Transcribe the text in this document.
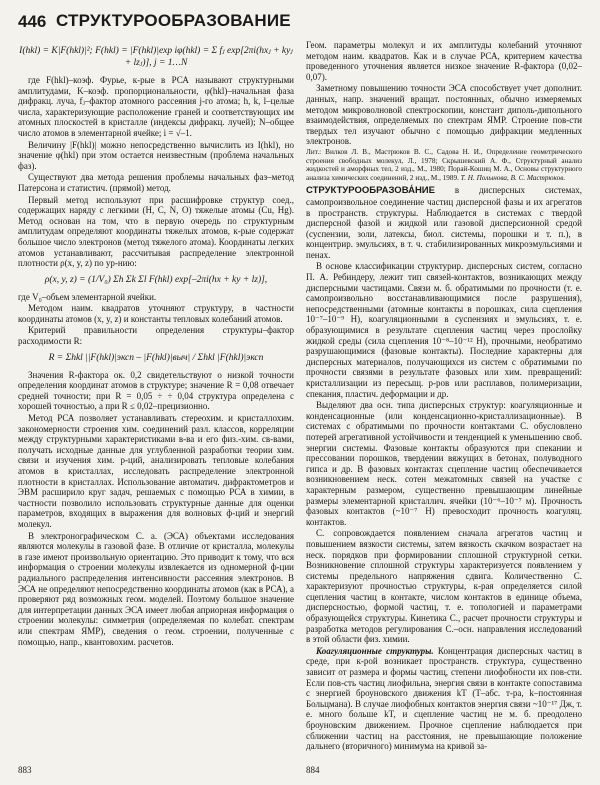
446 СТРУКТУРООБРАЗОВАНИЕ
I(hkl) = K|F(hkl)|²; F(hkl) = |F(hkl)|exp iφ(hkl) = Σ fⱼ exp[2πi(hxⱼ + kyⱼ + lzⱼ)], j = 1…N

где F(hkl)–коэф. Фурье, к-рые в РСА называют структурными амплитудами, K–коэф. пропорциональности, φ(hkl)–начальная фаза дифракц. луча, fⱼ–фактор атомного рассеяния j-го атома; h, k, l–целые числа, характеризующие расположение граней и соответствующих им атомных плоскостей в кристалле (индексы дифракц. лучей); N–общее число атомов в элементарной ячейке; i = √–1.

Величину |F(hkl)| можно непосредственно вычислить из I(hkl), но значение φ(hkl) при этом остается неизвестным (проблема начальных фаз).

Существуют два метода решения проблемы начальных фаз–метод Патерсона и статистич. (прямой) метод.

Первый метод используют при расшифровке структур соед., содержащих наряду с легкими (H, C, N, O) тяжелые атомы (Cu, Hg). Метод основан на том, что в первую очередь по структурным амплитудам определяют координаты тяжелых атомов, к-рые содержат большое число электронов (метод тяжелого атома). Координаты легких атомов устанавливают, рассчитывая распределение электронной плотности ρ(x, y, z) по ур-нию:

ρ(x, y, z) = (1/V₀) Σh Σk Σl F(hkl) exp[–2πi(hx + ky + lz)],

где V₀–объем элементарной ячейки.

Методом наим. квадратов уточняют структуру, в частности координаты атомов (x, y, z) и константы тепловых колебаний атомов.

Критерий правильности определения структуры–фактор расходимости R:

R = Σhkl ||F(hkl)|эксп – |F(hkl)|выч| / Σhkl |F(hkl)|эксп

Значения R-фактора ок. 0,2 свидетельствуют о низкой точности определения координат атомов в структуре; значение R = 0,08 отвечает средней точности; при R = 0,05 ÷ ÷ 0,04 структура определена с хорошей точностью, а при R ≤ 0,02–прецизионно.

Метод РСА позволяет устанавливать стереохим. и кристаллохим. закономерности строения хим. соединений разл. классов, корреляции между структурными характеристиками в-ва и его физ.-хим. св-вами, получать исходные данные для углубленной разработки теории хим. связи и изучения хим. р-ций, анализировать тепловые колебания атомов в кристаллах, исследовать распределение электронной плотности в кристаллах. Использование автоматич. дифрактометров и ЭВМ расширило круг задач, решаемых с помощью РСА в химии, в частности позволило использовать структурные данные для оценки параметров, входящих в выражения для волновых ф-ций и энергий молекул.

В электронографическом С. а. (ЭСА) объектами исследования являются молекулы в газовой фазе. В отличие от кристалла, молекулы в газе имеют произвольную ориентацию. Это приводит к тому, что вся информация о строении молекулы извлекается из одномерной ф-ции радиального распределения интенсивности рассеяния электронов. В ЭСА не определяют непосредственно координаты атомов (как в РСА), а проверяют ряд возможных геом. моделей. Поэтому большое значение для интерпретации данных ЭСА имеет любая априорная информация о строении молекулы: симметрия (определяемая по колебат. спектрам или спектрам ЯМР), сведения о геом. строении, полученные с помощью, напр., квантовохим. расчетов.

Геом. параметры молекул и их амплитуды колебаний уточняют методом наим. квадратов. Как и в случае РСА, критерием качества проведенного уточнения является низкое значение R-фактора (0,02–0,07).

Заметному повышению точности ЭСА способствует учет дополнит. данных, напр. значений вращат. постоянных, обычно измеряемых методом микроволновой спектроскопии, констант диполь-дипольного взаимодействия, определяемых по спектрам ЯМР. Строение пов-сти твердых тел изучают обычно с помощью дифракции медленных электронов.

Лит.: Вилков Л. В., Мастрюков В. С., Садова Н. И., Определение геометрического строения свободных молекул, Л., 1978; Скрышевский А. Ф., Структурный анализ жидкостей и аморфных тел, 2 изд., М., 1980; Порай-Кошиц М. А., Основы структурного анализа химических соединений, 2 изд., М., 1989. Т. Н. Полынова, В. С. Мастрюков.

СТРУКТУРООБРАЗОВА́НИЕ в дисперсных системах, самопроизвольное соединение частиц дисперсной фазы и их агрегатов в пространств. структуры. Наблюдается в системах с твердой дисперсной фазой и жидкой или газовой дисперсионной средой (суспензии, золи, латексы, биол. системы, порошки и т. п.), в концентрир. эмульсиях, в т. ч. стабилизированных микроэмульсиями и пенах.

В основе классификации структурир. дисперсных систем, согласно П. А. Ребиндеру, лежит тип связей-контактов, возникающих между дисперсными частицами. Связи м. б. обратимыми по прочности (т. е. самопроизвольно восстанавливающимися после разрушения), непосредственными (атомные контакты в порошках, сила сцепления 10⁻⁷–10⁻⁹ Н), коагуляционными в суспензиях и эмульсиях, т. е. образующимися в результате сцепления частиц через прослойку жидкой среды (сила сцепления 10⁻⁸–10⁻¹² Н), прочными, необратимо разрушающимися (фазовые контакты). Последние характерны для дисперсных материалов, получающихся из систем с обратимыми по прочности связями в результате фазовых или хим. превращений: кристаллизации из пересыщ. р-ров или расплавов, полимеризации, спекания, пластич. деформации и др.

Выделяют два осн. типа дисперсных структур: коагуляционные и конденсационные (или конденсационно-кристаллизационные). В системах с обратимыми по прочности контактами С. обусловлено потерей агрегативной устойчивости и тенденцией к уменьшению своб. энергии системы. Фазовые контакты образуются при спекании и прессовании порошков, твердении вяжущих в бетонах, полуводного гипса и др. В фазовых контактах сцепление частиц обеспечивается возникновением неск. сотен межатомных связей на участке с характерным размером, существенно превышающим линейные размеры элементарной кристаллич. ячейки (10⁻⁶–10⁻⁷ м). Прочность фазовых контактов (~10⁻⁷ Н) превосходит прочность коагуляц. контактов.

С. сопровождается появлением сначала агрегатов частиц и повышением вязкости системы, затем вязкость скачком возрастает на неск. порядков при формировании сплошной структурной сетки. Возникновение сплошной структуры характеризуется появлением у системы предельного напряжения сдвига. Количественно С. характеризуют прочностью структуры, к-рая определяется силой сцепления частиц в контакте, числом контактов в единице объема, дисперсностью, формой частиц, т. е. топологией и параметрами образующейся структуры. Кинетика С., расчет прочности структуры и разработка методов регулирования С.–осн. направления исследований в этой области физ. химии.

Коагуляционные структуры. Концентрация дисперсных частиц в среде, при к-рой возникает пространств. структура, существенно зависит от размера и формы частиц, степени лиофобности их пов-сти. Если пов-сть частиц лиофильна, энергия связи в контакте сопоставима с энергией броуновского движения kT (T–абс. т-ра, k–постоянная Больцмана). В случае лиофобных контактов энергия связи ~10⁻¹⁷ Дж, т. е. много больше kT, и сцепление частиц не м. б. преодолено броуновским движением. Прочное сцепление наблюдается при сближении частиц на расстояния, не превышающие положение дальнего (вторичного) минимума на кривой за-

883	884
